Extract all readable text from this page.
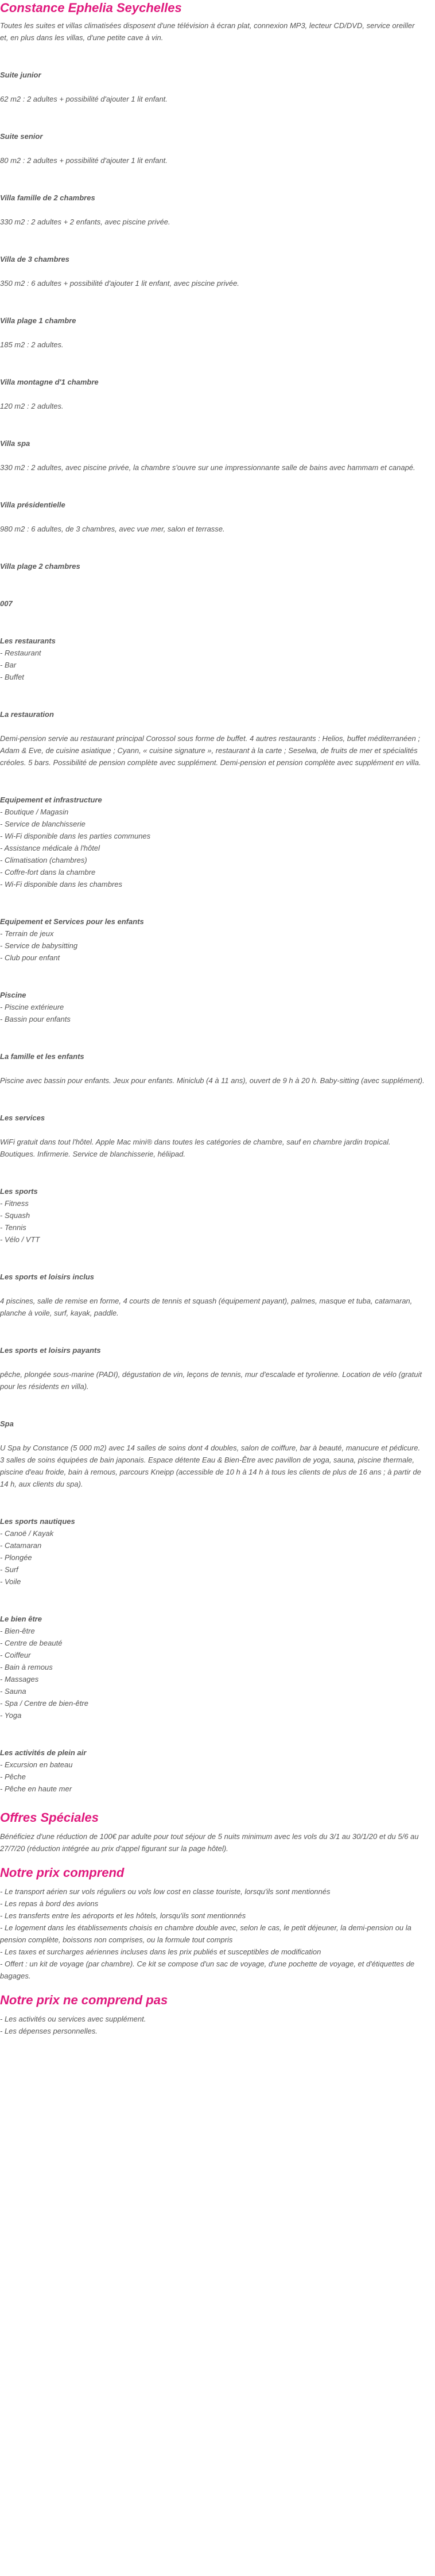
Constance Ephelia Seychelles

Toutes les suites et villas climatisées disposent d'une télévision à écran plat, connexion MP3, lecteur CD/DVD, service oreiller et, en plus dans les villas, d'une petite cave à vin.

Suite junior

62 m2 : 2 adultes + possibilité d'ajouter 1 lit enfant.

Suite senior

80 m2 : 2 adultes + possibilité d'ajouter 1 lit enfant.

Villa famille de 2 chambres

330 m2 : 2 adultes + 2 enfants, avec piscine privée.

Villa de 3 chambres

350 m2 : 6 adultes + possibilité d'ajouter 1 lit enfant, avec piscine privée.

Villa plage 1 chambre

185 m2 : 2 adultes.

Villa montagne d'1 chambre

120 m2 : 2 adultes.

Villa spa

330 m2 : 2 adultes, avec piscine privée, la chambre s'ouvre sur une impressionnante salle de bains avec hammam et canapé.

Villa présidentielle

980 m2 : 6 adultes, de 3 chambres, avec vue mer, salon et terrasse.

Villa plage 2 chambres

007

Les restaurants

- Restaurant
- Bar
- Buffet

La restauration

Demi-pension servie au restaurant principal Corossol sous forme de buffet. 4 autres restaurants : Helios, buffet méditerranéen ; Adam & Eve, de cuisine asiatique ; Cyann, « cuisine signature », restaurant à la carte ; Seselwa, de fruits de mer et spécialités créoles. 5 bars. Possibilité de pension complète avec supplément. Demi-pension et pension complète avec supplément en villa.

Equipement et infrastructure

- Boutique / Magasin
- Service de blanchisserie
- Wi-Fi disponible dans les parties communes
- Assistance médicale à l'hôtel
- Climatisation (chambres)
- Coffre-fort dans la chambre
- Wi-Fi disponible dans les chambres

Equipement et Services pour les enfants

- Terrain de jeux
- Service de babysitting
- Club pour enfant

Piscine

- Piscine extérieure
- Bassin pour enfants

La famille et les enfants

Piscine avec bassin pour enfants. Jeux pour enfants. Miniclub (4 à 11 ans), ouvert de 9 h à 20 h. Baby-sitting (avec supplément).

Les services

WiFi gratuit dans tout l'hôtel. Apple Mac mini® dans toutes les catégories de chambre, sauf en chambre jardin tropical. Boutiques. Infirmerie. Service de blanchisserie, héliipad.

Les sports

- Fitness
- Squash
- Tennis
- Vélo / VTT

Les sports et loisirs inclus

4 piscines, salle de remise en forme, 4 courts de tennis et squash (équipement payant), palmes, masque et tuba, catamaran, planche à voile, surf, kayak, paddle.

Les sports et loisirs payants

pêche, plongée sous-marine (PADI), dégustation de vin, leçons de tennis, mur d'escalade et tyrolienne. Location de vélo (gratuit pour les résidents en villa).

Spa

U Spa by Constance (5 000 m2) avec 14 salles de soins dont 4 doubles, salon de coiffure, bar à beauté, manucure et pédicure. 3 salles de soins équipées de bain japonais. Espace détente Eau & Bien-Être avec pavillon de yoga, sauna, piscine thermale, piscine d'eau froide, bain à remous, parcours Kneipp (accessible de 10 h à 14 h à tous les clients de plus de 16 ans ; à partir de 14 h, aux clients du spa).

Les sports nautiques

- Canoë / Kayak
- Catamaran
- Plongée
- Surf
- Voile

Le bien être

- Bien-être
- Centre de beauté
- Coiffeur
- Bain à remous
- Massages
- Sauna
- Spa / Centre de bien-être
- Yoga

Les activités de plein air

- Excursion en bateau
- Pêche
- Pêche en haute mer
Offres Spéciales

Bénéficiez d'une réduction de 100€ par adulte pour tout séjour de 5 nuits minimum avec les vols du 3/1 au 30/1/20 et du 5/6 au 27/7/20 (réduction intégrée au prix d'appel figurant sur la page hôtel).

Notre prix comprend
- Le transport aérien sur vols réguliers ou vols low cost en classe touriste, lorsqu'ils sont mentionnés
- Les repas à bord des avions
- Les transferts entre les aéroports et les hôtels, lorsqu'ils sont mentionnés
- Le logement dans les établissements choisis en chambre double avec, selon le cas, le petit déjeuner, la demi-pension ou la pension complète, boissons non comprises, ou la formule tout compris
- Les taxes et surcharges aériennes incluses dans les prix publiés et susceptibles de modification
- Offert : un kit de voyage (par chambre). Ce kit se compose d'un sac de voyage, d'une pochette de voyage, et d'étiquettes de bagages.
Notre prix ne comprend pas
- Les activités ou services avec supplément.
- Les dépenses personnelles.
